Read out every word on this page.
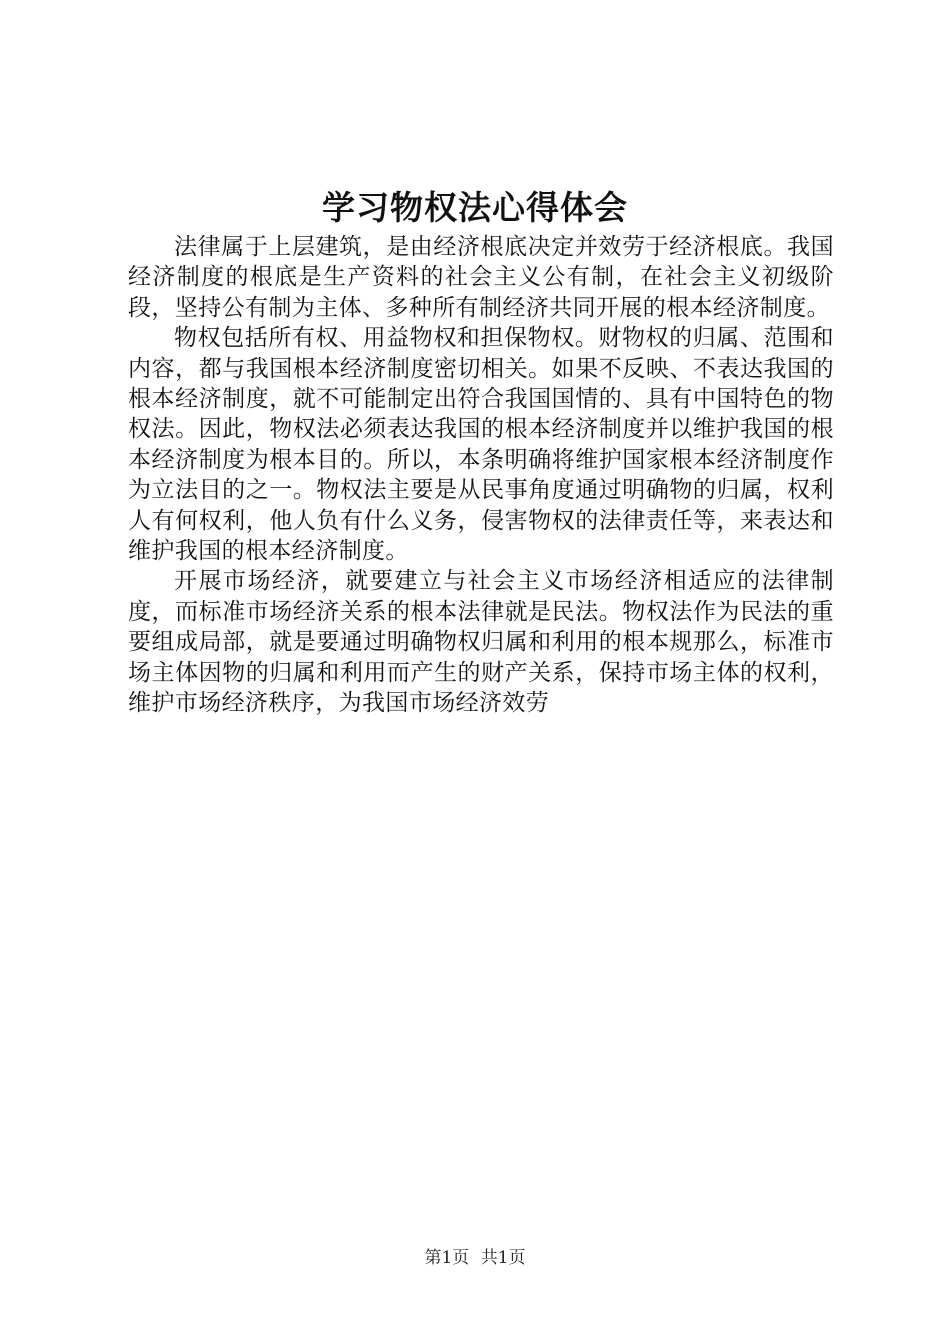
学习物权法心得体会

法律属于上层建筑，是由经济根底决定并效劳于经济根底。我国经济制度的根底是生产资料的社会主义公有制，在社会主义初级阶段，坚持公有制为主体、多种所有制经济共同开展的根本经济制度。

物权包括所有权、用益物权和担保物权。财物权的归属、范围和内容，都与我国根本经济制度密切相关。如果不反映、不表达我国的根本经济制度，就不可能制定出符合我国国情的、具有中国特色的物权法。因此，物权法必须表达我国的根本经济制度并以维护我国的根本经济制度为根本目的。所以，本条明确将维护国家根本经济制度作为立法目的之一。物权法主要是从民事角度通过明确物的归属，权利人有何权利，他人负有什么义务，侵害物权的法律责任等，来表达和维护我国的根本经济制度。

开展市场经济，就要建立与社会主义市场经济相适应的法律制度，而标准市场经济关系的根本法律就是民法。物权法作为民法的重要组成局部，就是要通过明确物权归属和利用的根本规那么，标准市场主体因物的归属和利用而产生的财产关系，保持市场主体的权利，维护市场经济秩序，为我国市场经济效劳

第1页 共1页
